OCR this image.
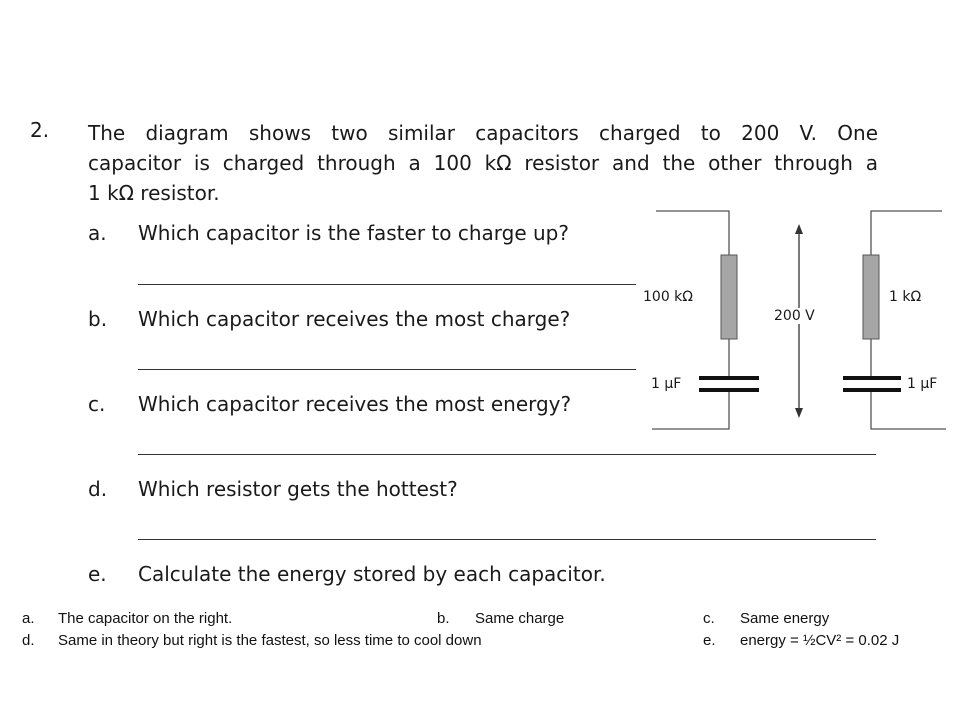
2. The diagram shows two similar capacitors charged to 200 V. One
capacitor is charged through a 100 kΩ resistor and the other through a
1 kΩ resistor.
a. Which capacitor is the faster to charge up?
b. Which capacitor receives the most charge?
c. Which capacitor receives the most energy?
d. Which resistor gets the hottest?
e. Calculate the energy stored by each capacitor.
100 kΩ
200 V
1 kΩ
1 μF	1 μF
a. The capacitor on the right.	b. Same charge	c. Same energy
d. Same in theory but right is the fastest, so less time to cool down	e. energy = ½CV² = 0.02 J
